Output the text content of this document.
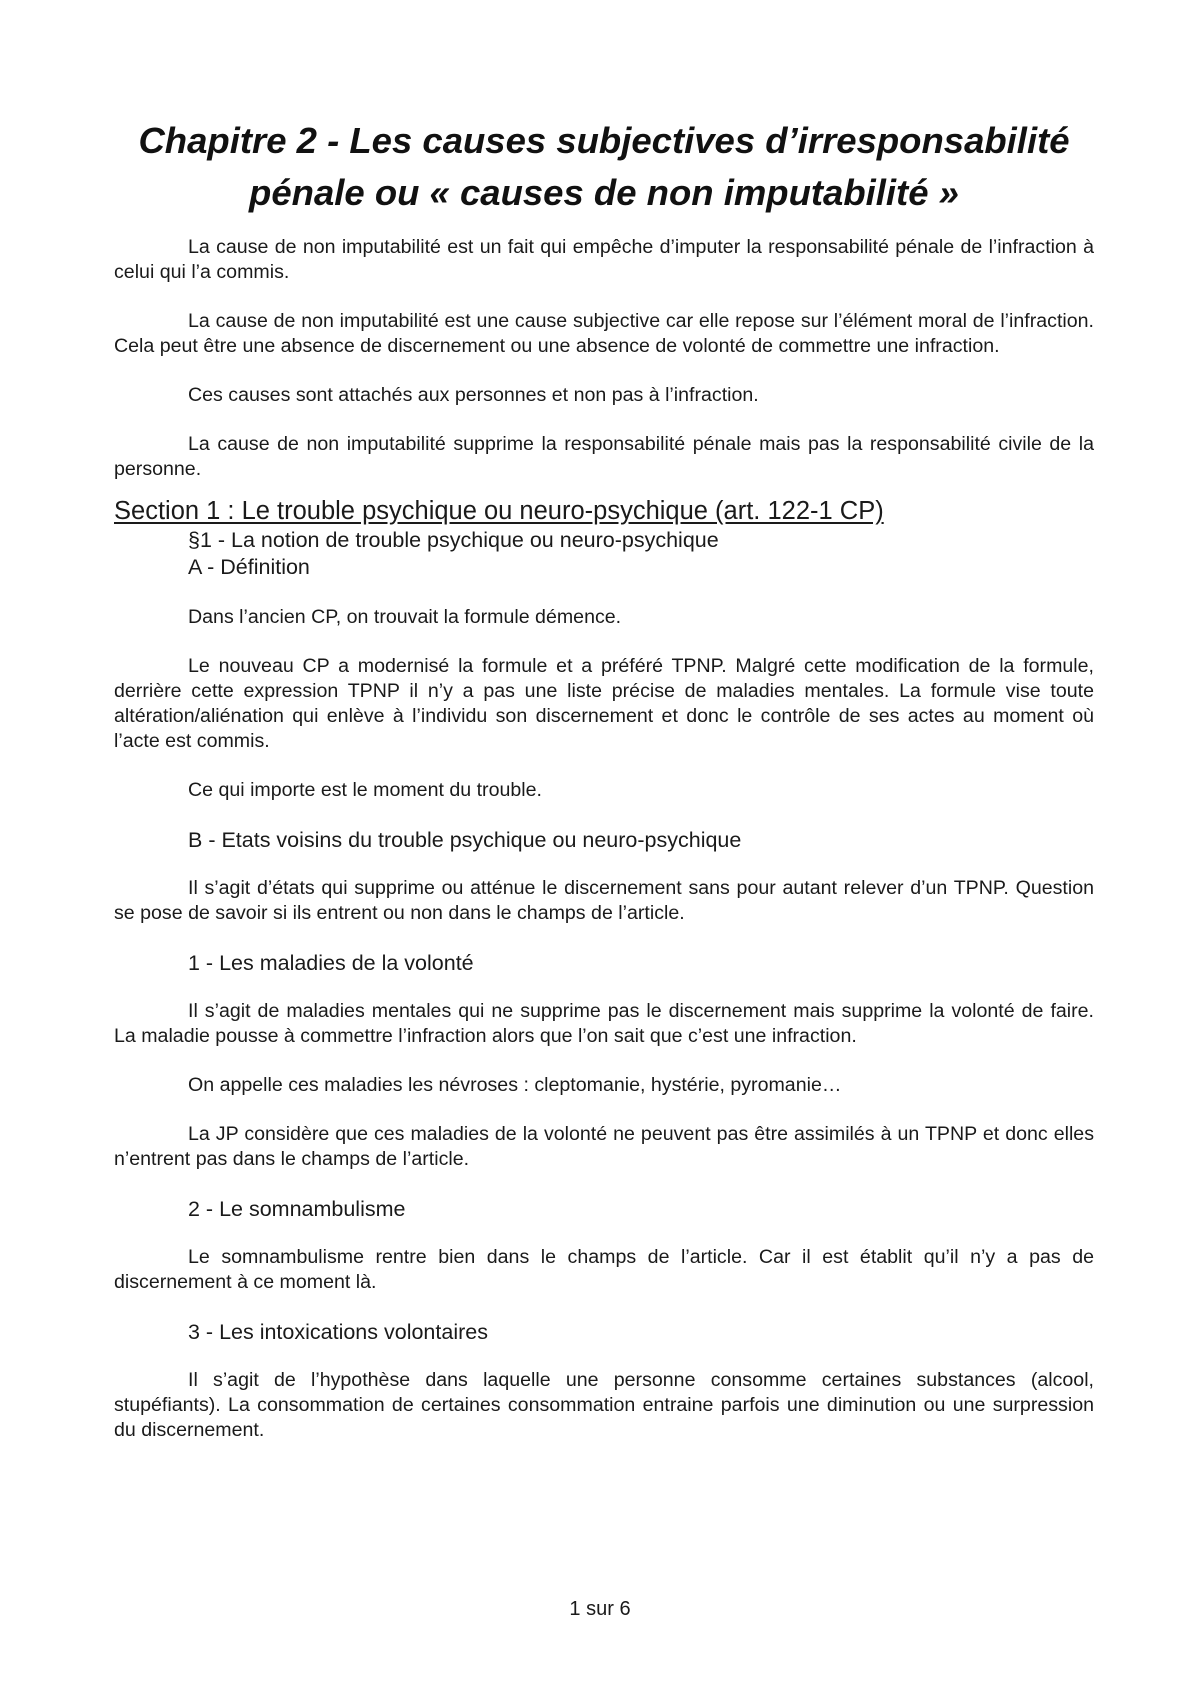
Chapitre 2 - Les causes subjectives d’irresponsabilité pénale ou « causes de non imputabilité »

La cause de non imputabilité est un fait qui empêche d’imputer la responsabilité pénale de l’infraction à celui qui l’a commis.

La cause de non imputabilité est une cause subjective car elle repose sur l’élément moral de l’infraction. Cela peut être une absence de discernement ou une absence de volonté de commettre une infraction.

Ces causes sont attachés aux personnes et non pas à l’infraction.

La cause de non imputabilité supprime la responsabilité pénale mais pas la responsabilité civile de la personne.

Section 1 : Le trouble psychique ou neuro-psychique (art. 122-1 CP)
§1 - La notion de trouble psychique ou neuro-psychique
A - Définition

Dans l’ancien CP, on trouvait la formule démence.

Le nouveau CP a modernisé la formule et a préféré TPNP. Malgré cette modification de la formule, derrière cette expression TPNP il n’y a pas une liste précise de maladies mentales. La formule vise toute altération/aliénation qui enlève à l’individu son discernement et donc le contrôle de ses actes au moment où l’acte est commis.

Ce qui importe est le moment du trouble.

B - Etats voisins du trouble psychique ou neuro-psychique

Il s’agit d’états qui supprime ou atténue le discernement sans pour autant relever d’un TPNP. Question se pose de savoir si ils entrent ou non dans le champs de l’article.

1 - Les maladies de la volonté

Il s’agit de maladies mentales qui ne supprime pas le discernement mais supprime la volonté de faire. La maladie pousse à commettre l’infraction alors que l’on sait que c’est une infraction.

On appelle ces maladies les névroses : cleptomanie, hystérie, pyromanie…

La JP considère que ces maladies de la volonté ne peuvent pas être assimilés à un TPNP et donc elles n’entrent pas dans le champs de l’article.

2 - Le somnambulisme

Le somnambulisme rentre bien dans le champs de l’article. Car il est établit qu’il n’y a pas de discernement à ce moment là.

3 - Les intoxications volontaires

Il s’agit de l’hypothèse dans laquelle une personne consomme certaines substances (alcool, stupéfiants). La consommation de certaines consommation entraine parfois une diminution ou une surpression du discernement.

1 sur 6
